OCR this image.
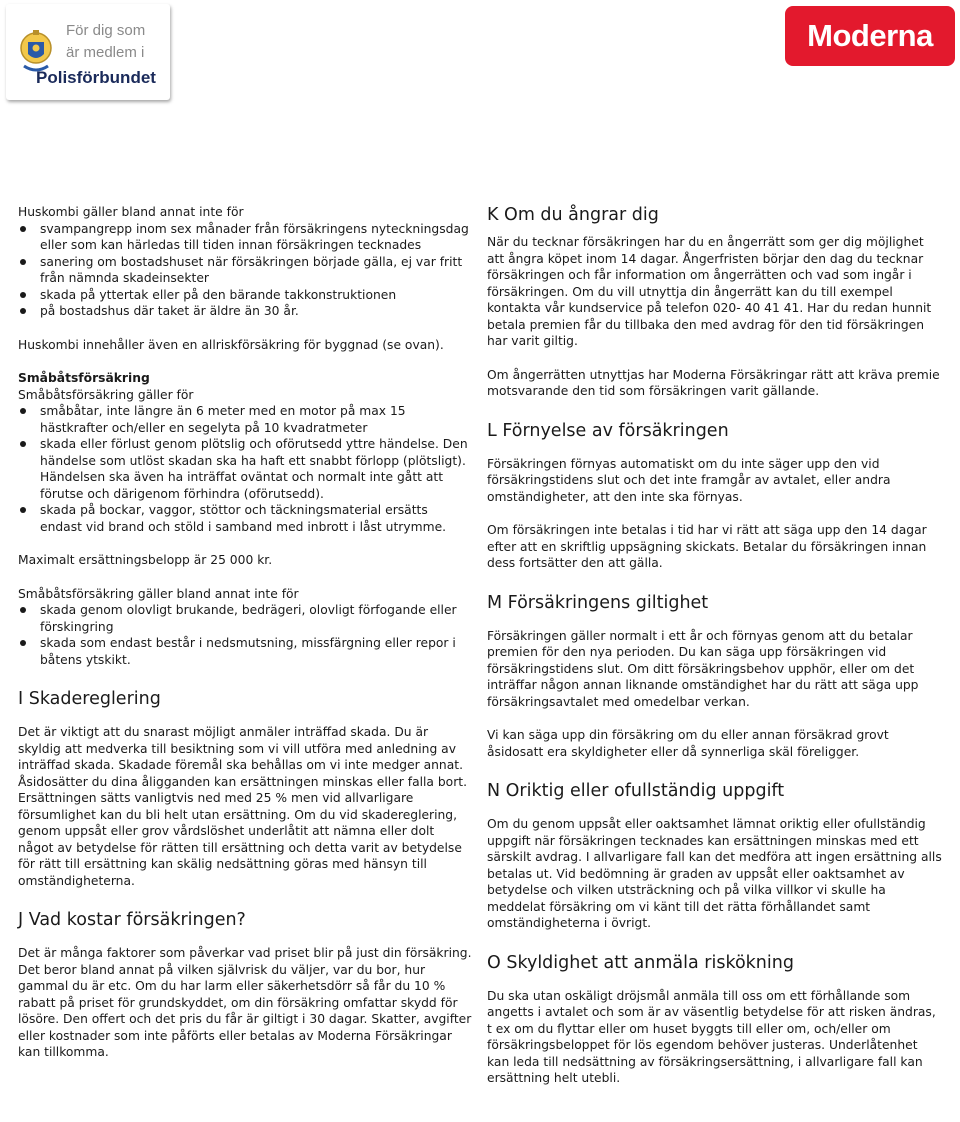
För dig som
är medlem i
Polisförbundet
Moderna

Huskombi gäller bland annat inte för

svampangrepp inom sex månader från försäkringens nyteckningsdag eller som kan härledas till tiden innan försäkringen tecknades
sanering om bostadshuset när försäkringen började gälla, ej var fritt från nämnda skadeinsekter
skada på yttertak eller på den bärande takkonstruktionen
på bostadshus där taket är äldre än 30 år.

Huskombi innehåller även en allriskförsäkring för byggnad (se ovan).

Småbåtsförsäkring

Småbåtsförsäkring gäller för

småbåtar, inte längre än 6 meter med en motor på max 15 hästkrafter och/eller en segelyta på 10 kvadratmeter
skada eller förlust genom plötslig och oförutsedd yttre händelse. Den händelse som utlöst skadan ska ha haft ett snabbt förlopp (plötsligt). Händelsen ska även ha inträffat oväntat och normalt inte gått att förutse och därigenom förhindra (oförutsedd).
skada på bockar, vaggor, stöttor och täckningsmaterial ersätts endast vid brand och stöld i samband med inbrott i låst utrymme.

Maximalt ersättningsbelopp är 25 000 kr.

Småbåtsförsäkring gäller bland annat inte för

skada genom olovligt brukande, bedrägeri, olovligt förfogande eller förskingring
skada som endast består i nedsmutsning, missfärgning eller repor i båtens ytskikt.
I Skadereglering

Det är viktigt att du snarast möjligt anmäler inträffad skada. Du är skyldig att medverka till besiktning som vi vill utföra med anledning av inträffad skada. Skadade föremål ska behållas om vi inte medger annat. Åsidosätter du dina åligganden kan ersättningen minskas eller falla bort. Ersättningen sätts vanligtvis ned med 25 % men vid allvarligare försumlighet kan du bli helt utan ersättning. Om du vid skadereglering, genom uppsåt eller grov vårdslöshet underlåtit att nämna eller dolt något av betydelse för rätten till ersättning och detta varit av betydelse för rätt till ersättning kan skälig nedsättning göras med hänsyn till omständigheterna.

J Vad kostar försäkringen?

Det är många faktorer som påverkar vad priset blir på just din försäkring. Det beror bland annat på vilken självrisk du väljer, var du bor, hur gammal du är etc. Om du har larm eller säkerhetsdörr så får du 10 % rabatt på priset för grundskyddet, om din försäkring omfattar skydd för lösöre. Den offert och det pris du får är giltigt i 30 dagar. Skatter, avgifter eller kostnader som inte påförts eller betalas av Moderna Försäkringar kan tillkomma.

K Om du ångrar dig

När du tecknar försäkringen har du en ångerrätt som ger dig möjlighet att ångra köpet inom 14 dagar. Ångerfristen börjar den dag du tecknar försäkringen och får information om ångerrätten och vad som ingår i försäkringen. Om du vill utnyttja din ångerrätt kan du till exempel kontakta vår kundservice på telefon 020- 40 41 41. Har du redan hunnit betala premien får du tillbaka den med avdrag för den tid försäkringen har varit giltig.

Om ångerrätten utnyttjas har Moderna Försäkringar rätt att kräva premie motsvarande den tid som försäkringen varit gällande.

L Förnyelse av försäkringen

Försäkringen förnyas automatiskt om du inte säger upp den vid försäkringstidens slut och det inte framgår av avtalet, eller andra omständigheter, att den inte ska förnyas.

Om försäkringen inte betalas i tid har vi rätt att säga upp den 14 dagar efter att en skriftlig uppsägning skickats. Betalar du försäkringen innan dess fortsätter den att gälla.

M Försäkringens giltighet

Försäkringen gäller normalt i ett år och förnyas genom att du betalar premien för den nya perioden. Du kan säga upp försäkringen vid försäkringstidens slut. Om ditt försäkringsbehov upphör, eller om det inträffar någon annan liknande omständighet har du rätt att säga upp försäkringsavtalet med omedelbar verkan.

Vi kan säga upp din försäkring om du eller annan försäkrad grovt åsidosatt era skyldigheter eller då synnerliga skäl föreligger.

N Oriktig eller ofullständig uppgift

Om du genom uppsåt eller oaktsamhet lämnat oriktig eller ofullständig uppgift när försäkringen tecknades kan ersättningen minskas med ett särskilt avdrag. I allvarligare fall kan det medföra att ingen ersättning alls betalas ut. Vid bedömning är graden av uppsåt eller oaktsamhet av betydelse och vilken utsträckning och på vilka villkor vi skulle ha meddelat försäkring om vi känt till det rätta förhållandet samt omständigheterna i övrigt.

O Skyldighet att anmäla riskökning

Du ska utan oskäligt dröjsmål anmäla till oss om ett förhållande som angetts i avtalet och som är av väsentlig betydelse för att risken ändras, t ex om du flyttar eller om huset byggts till eller om, och/eller om försäkringsbeloppet för lös egendom behöver justeras. Underlåtenhet kan leda till nedsättning av försäkringsersättning, i allvarligare fall kan ersättning helt utebli.
